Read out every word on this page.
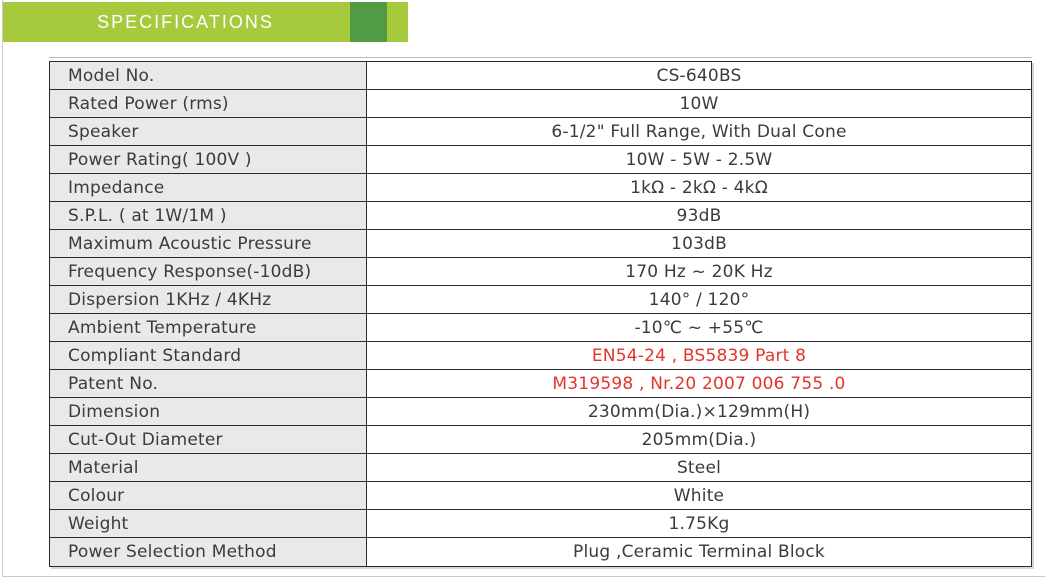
SPECIFICATIONS
Model No.	CS-640BS
Rated Power (rms)	10W
Speaker	6-1/2" Full Range, With Dual Cone
Power Rating( 100V )	10W - 5W - 2.5W
Impedance	1kΩ - 2kΩ - 4kΩ
S.P.L. ( at 1W/1M )	93dB
Maximum Acoustic Pressure	103dB
Frequency Response(-10dB)	170 Hz ~ 20K Hz
Dispersion 1KHz / 4KHz	140° / 120°
Ambient Temperature	-10℃ ~ +55℃
Compliant Standard	EN54-24 , BS5839 Part 8
Patent No.	M319598 , Nr.20 2007 006 755 .0
Dimension	230mm(Dia.)×129mm(H)
Cut-Out Diameter	205mm(Dia.)
Material	Steel
Colour	White
Weight	1.75Kg
Power Selection Method	Plug ,Ceramic Terminal Block
